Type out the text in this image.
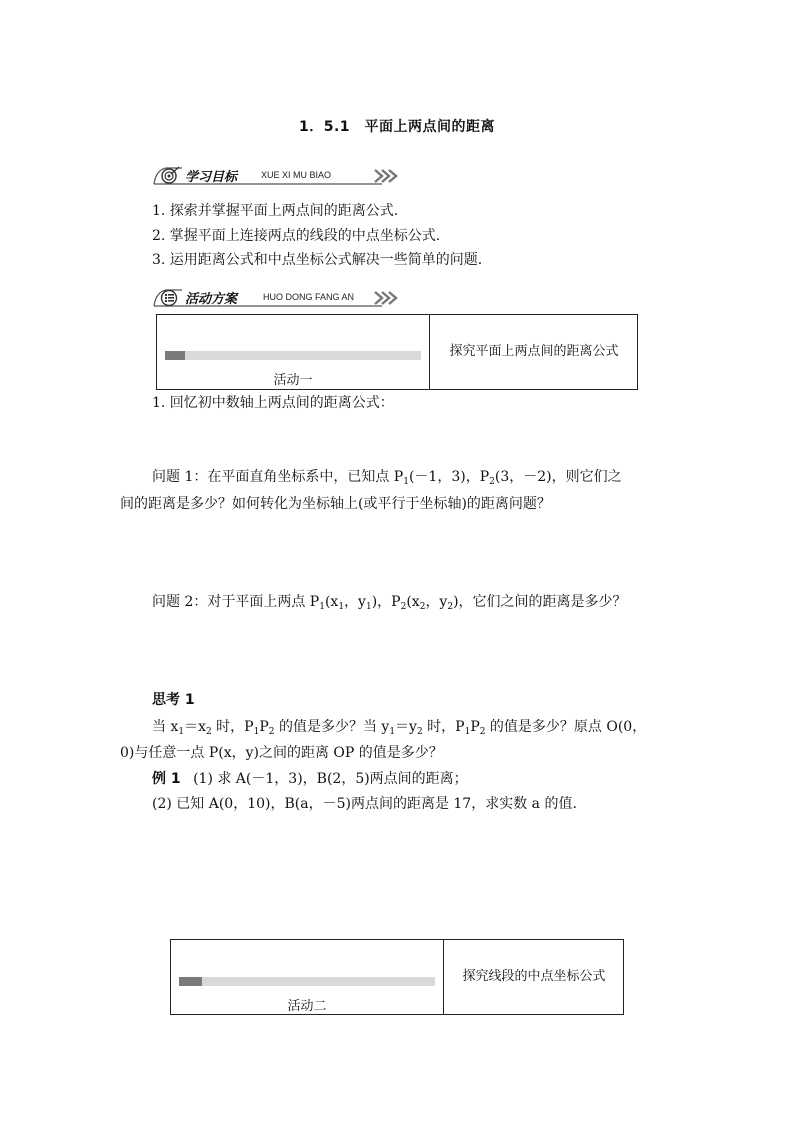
1．5.1　平面上两点间的距离
学习目标	XUE XI MU BIAO
1. 探索并掌握平面上两点间的距离公式.
2. 掌握平面上连接两点的线段的中点坐标公式.
3. 运用距离公式和中点坐标公式解决一些简单的问题.
活动方案	HUO DONG FANG AN
活动一
探究平面上两点间的距离公式
1. 回忆初中数轴上两点间的距离公式：
问题 1：在平面直角坐标系中，已知点 $P_1(-1$，3)，$P_2(3$，－2)，则它们之
间的距离是多少？如何转化为坐标轴上(或平行于坐标轴)的距离问题？
问题 2：对于平面上两点 $P_1(x_1$，$y_1$)，$P_2(x_2$，$y_2$)，它们之间的距离是多少？
思考 1
当 $x_1=x_2$ 时，$P_1P_2$ 的值是多少？当 $y_1=y_2$ 时，$P_1P_2$ 的值是多少？原点 O(0，
0)与任意一点 P(x，y)之间的距离 OP 的值是多少？
例 1 (1) 求 A(－1，3)，B(2，5)两点间的距离；
(2) 已知 A(0，10)，B(a，－5)两点间的距离是 17，求实数 a 的值.
活动二
探究线段的中点坐标公式
